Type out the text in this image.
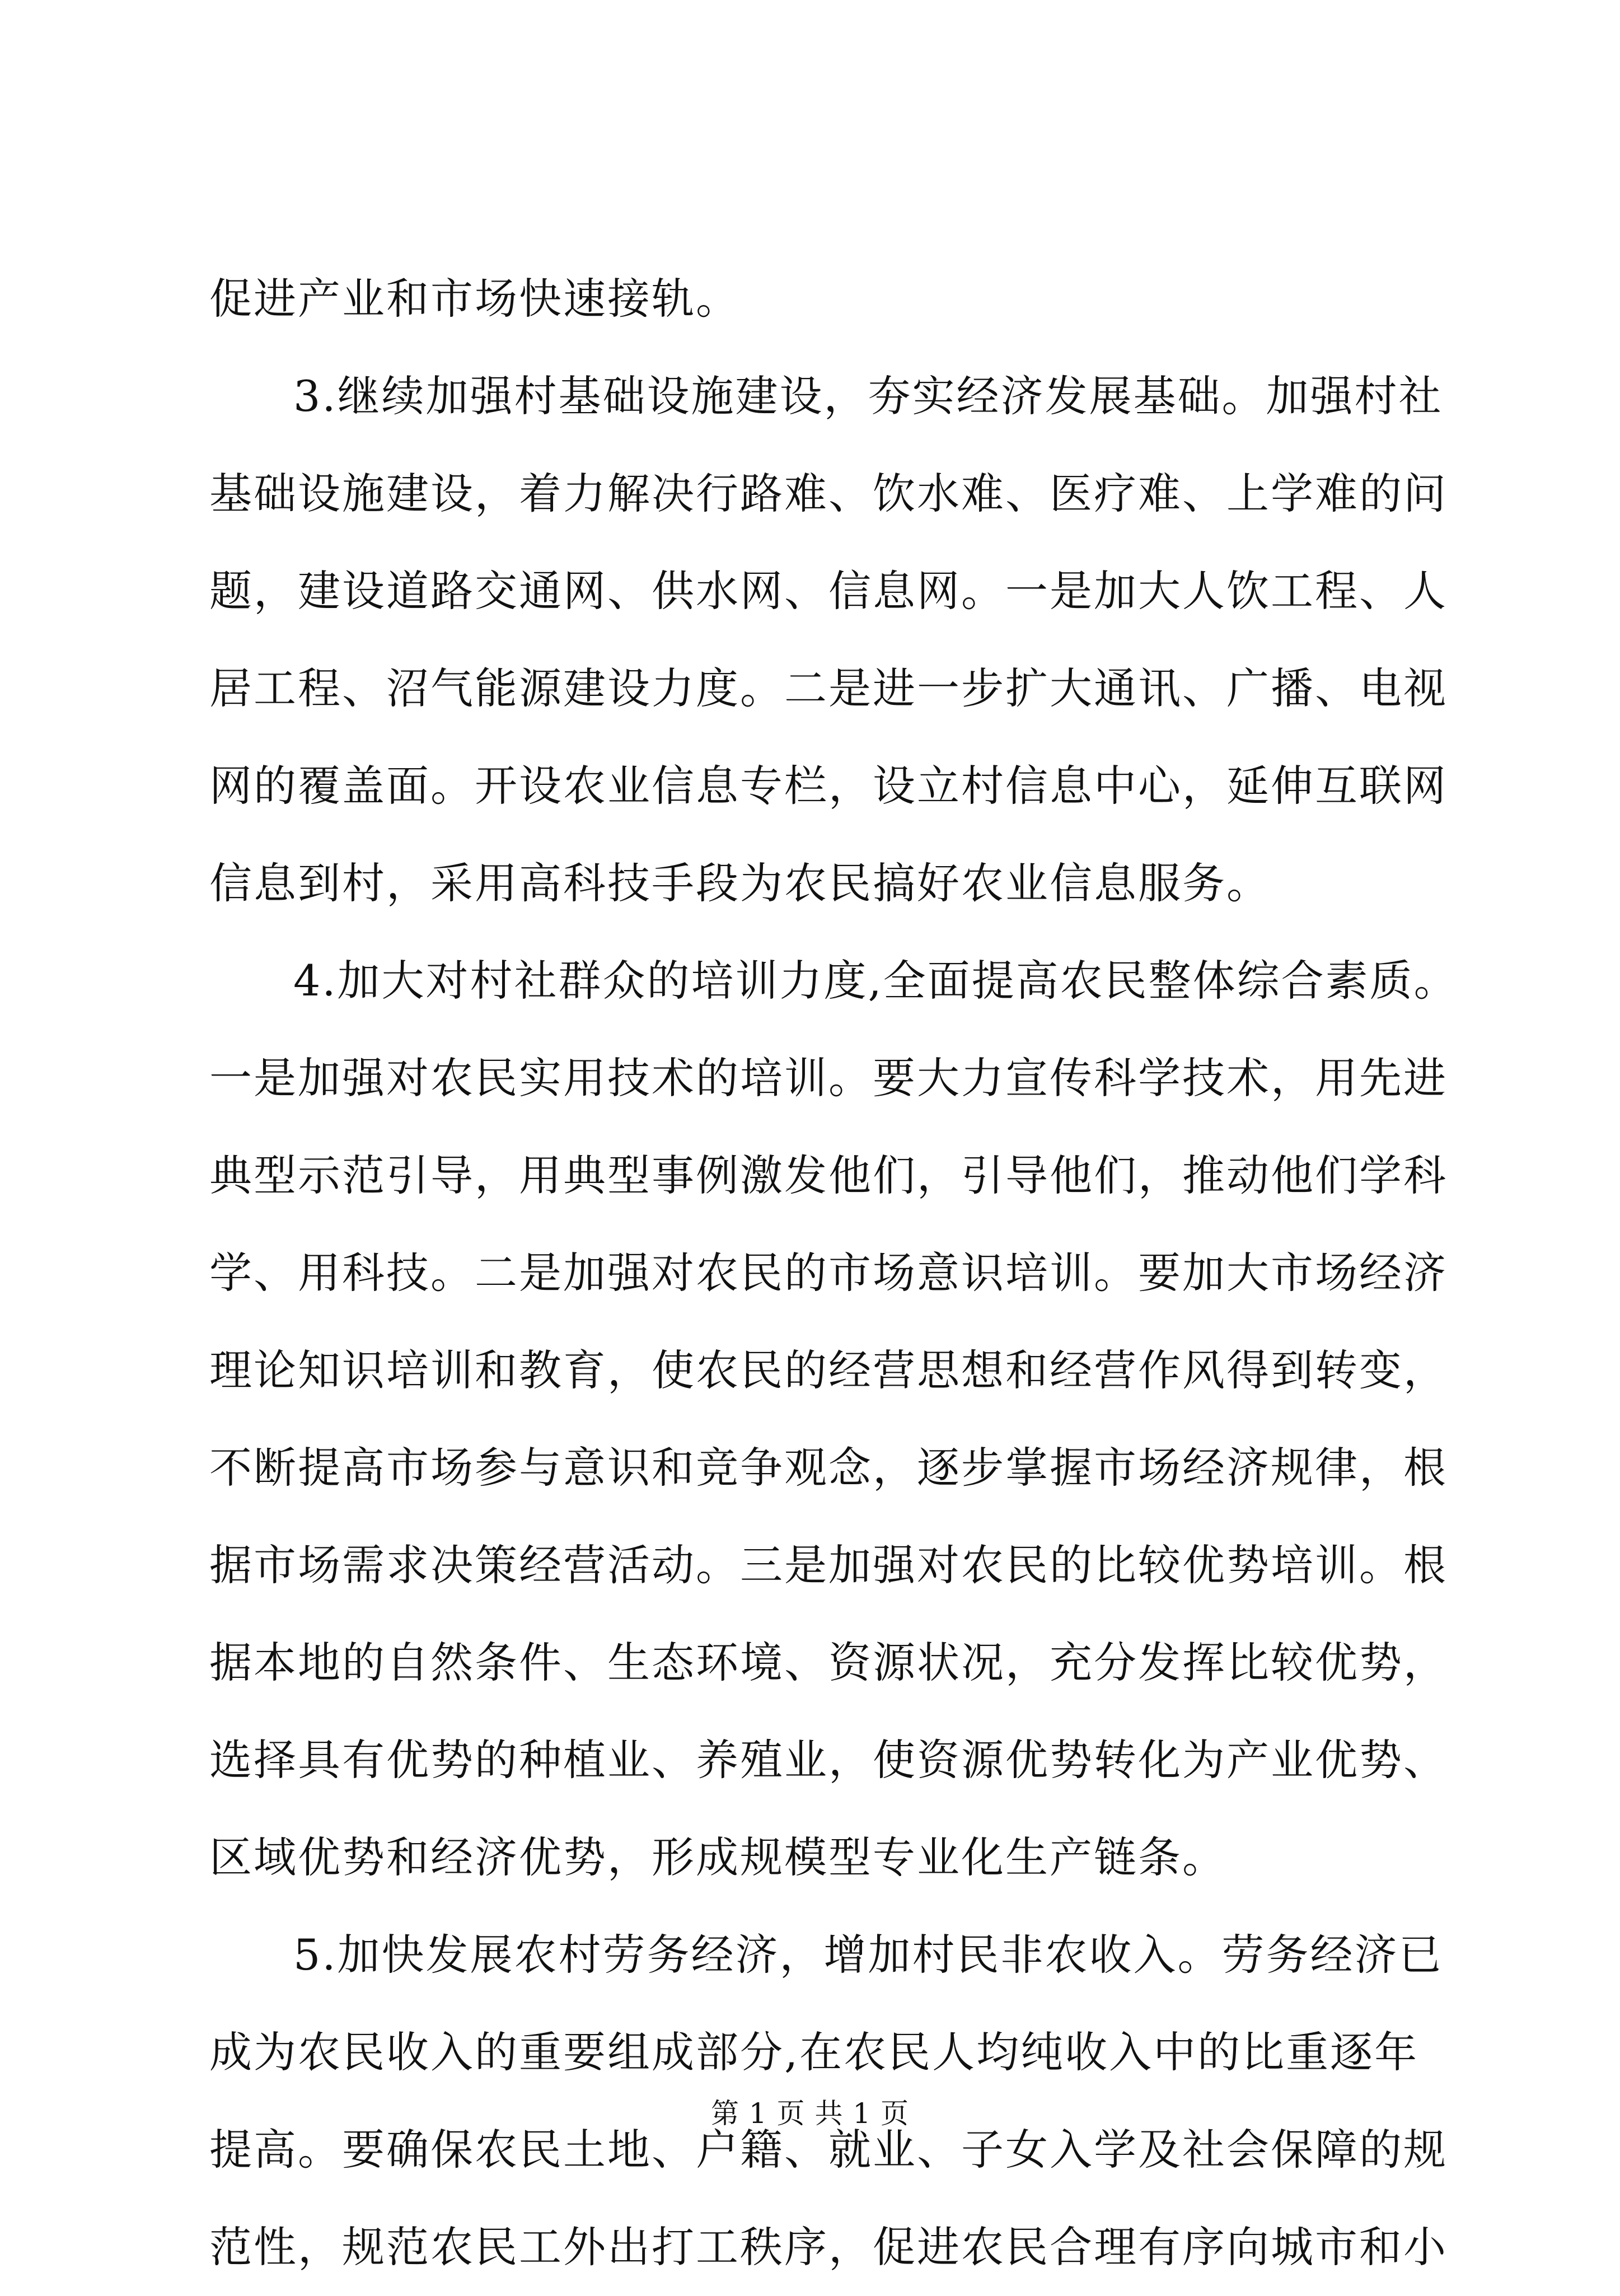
促进产业和市场快速接轨。
3.继续加强村基础设施建设，夯实经济发展基础。加强村社
基础设施建设，着力解决行路难、饮水难、医疗难、上学难的问
题，建设道路交通网、供水网、信息网。一是加大人饮工程、人
居工程、沼气能源建设力度。二是进一步扩大通讯、广播、电视
网的覆盖面。开设农业信息专栏，设立村信息中心，延伸互联网
信息到村，采用高科技手段为农民搞好农业信息服务。
4.加大对村社群众的培训力度,全面提高农民整体综合素质。
一是加强对农民实用技术的培训。要大力宣传科学技术，用先进
典型示范引导，用典型事例激发他们，引导他们，推动他们学科
学、用科技。二是加强对农民的市场意识培训。要加大市场经济
理论知识培训和教育，使农民的经营思想和经营作风得到转变，
不断提高市场参与意识和竞争观念，逐步掌握市场经济规律，根
据市场需求决策经营活动。三是加强对农民的比较优势培训。根
据本地的自然条件、生态环境、资源状况，充分发挥比较优势，
选择具有优势的种植业、养殖业，使资源优势转化为产业优势、
区域优势和经济优势，形成规模型专业化生产链条。
5.加快发展农村劳务经济，增加村民非农收入。劳务经济已
成为农民收入的重要组成部分,在农民人均纯收入中的比重逐年
提高。要确保农民土地、户籍、就业、子女入学及社会保障的规
范性，规范农民工外出打工秩序，促进农民合理有序向城市和小
第 1 页 共 1 页
